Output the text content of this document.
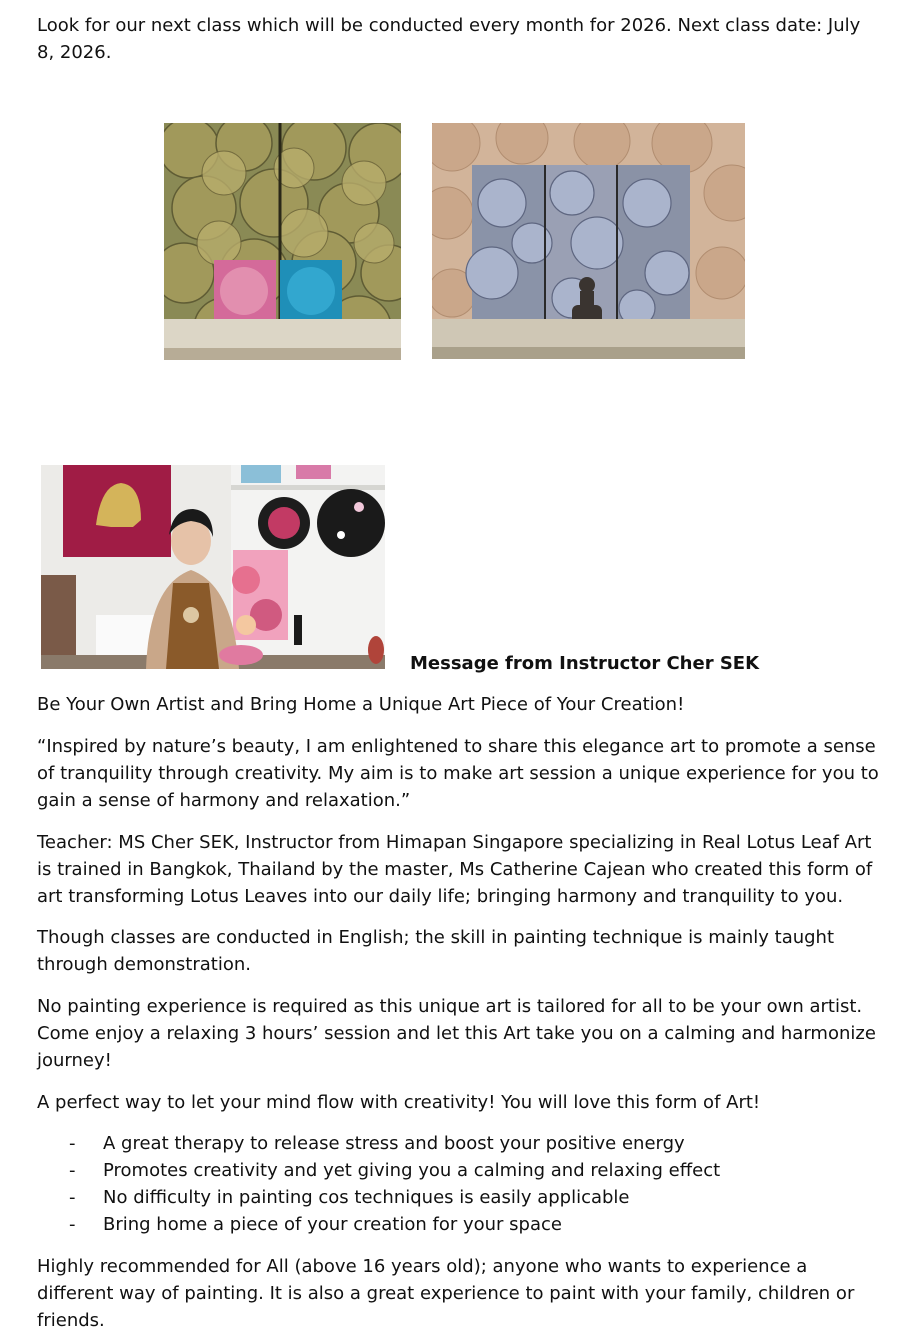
Look for our next class which will be conducted every month for 2026. Next class date: July 8, 2026.

Message from Instructor Cher SEK

Be Your Own Artist and Bring Home a Unique Art Piece of Your Creation!

“Inspired by nature’s beauty, I am enlightened to share this elegance art to promote a sense of tranquility through creativity. My aim is to make art session a unique experience for you to gain a sense of harmony and relaxation.”

Teacher: MS Cher SEK, Instructor from Himapan Singapore specializing in Real Lotus Leaf Art is trained in Bangkok, Thailand by the master, Ms Catherine Cajean who created this form of art transforming Lotus Leaves into our daily life; bringing harmony and tranquility to you.

Though classes are conducted in English; the skill in painting technique is mainly taught through demonstration.

No painting experience is required as this unique art is tailored for all to be your own artist. Come enjoy a relaxing 3 hours’ session and let this Art take you on a calming and harmonize journey!

A perfect way to let your mind flow with creativity! You will love this form of Art!

- A great therapy to release stress and boost your positive energy
- Promotes creativity and yet giving you a calming and relaxing effect
- No difficulty in painting cos techniques is easily applicable
- Bring home a piece of your creation for your space

Highly recommended for All (above 16 years old); anyone who wants to experience a different way of painting. It is also a great experience to paint with your family, children or friends.
